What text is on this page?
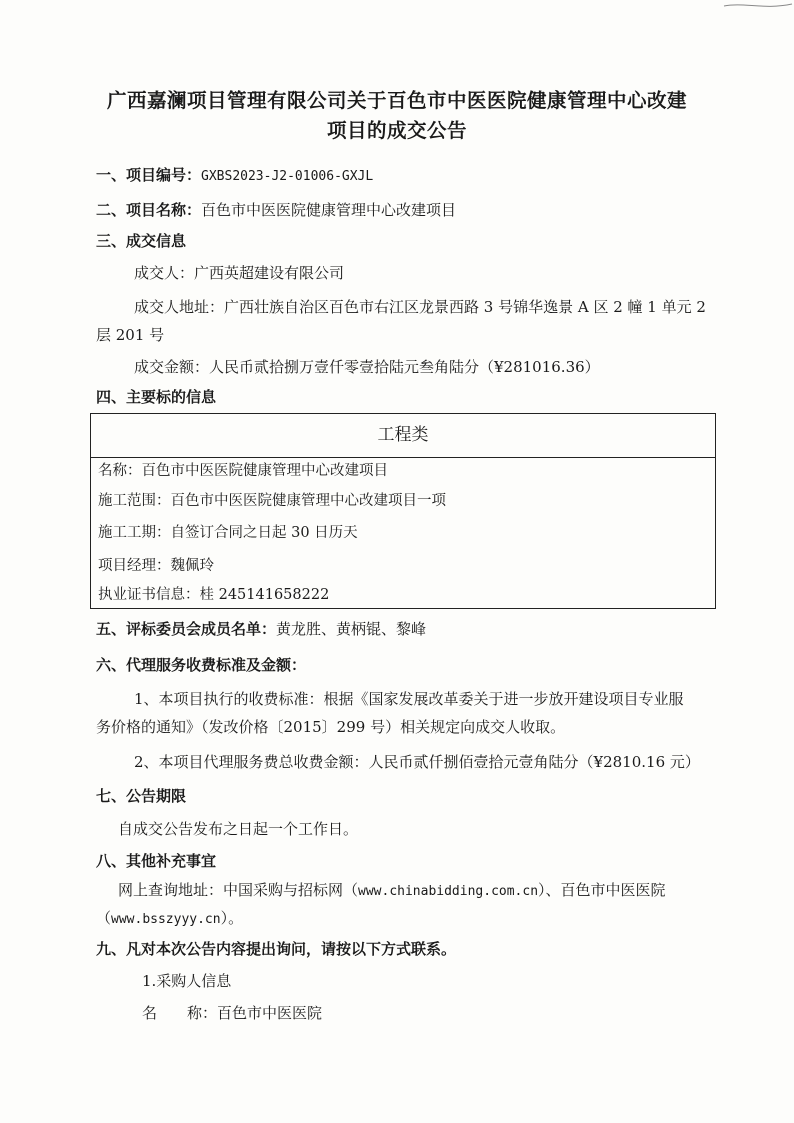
广西嘉澜项目管理有限公司关于百色市中医医院健康管理中心改建
项目的成交公告
一、项目编号：GXBS2023-J2-01006-GXJL
二、项目名称：百色市中医医院健康管理中心改建项目
三、成交信息
成交人：广西英超建设有限公司
成交人地址：广西壮族自治区百色市右江区龙景西路 3 号锦华逸景 A 区 2 幢 1 单元 2
层 201 号
成交金额：人民币贰拾捌万壹仟零壹拾陆元叁角陆分（¥281016.36）
四、主要标的信息
工程类
名称：百色市中医医院健康管理中心改建项目
施工范围：百色市中医医院健康管理中心改建项目一项
施工工期：自签订合同之日起 30 日历天
项目经理：魏佩玲
执业证书信息：桂 245141658222
五、评标委员会成员名单：黄龙胜、黄柄锟、黎峰
六、代理服务收费标准及金额：
1、本项目执行的收费标准：根据《国家发展改革委关于进一步放开建设项目专业服
务价格的通知》（发改价格〔2015〕299 号）相关规定向成交人收取。
2、本项目代理服务费总收费金额：人民币贰仟捌佰壹拾元壹角陆分（¥2810.16 元）
七、公告期限
自成交公告发布之日起一个工作日。
八、其他补充事宜
网上查询地址：中国采购与招标网（www.chinabidding.com.cn）、百色市中医医院
（www.bsszyyy.cn）。
九、凡对本次公告内容提出询问，请按以下方式联系。
1.采购人信息
名　　称：百色市中医医院
